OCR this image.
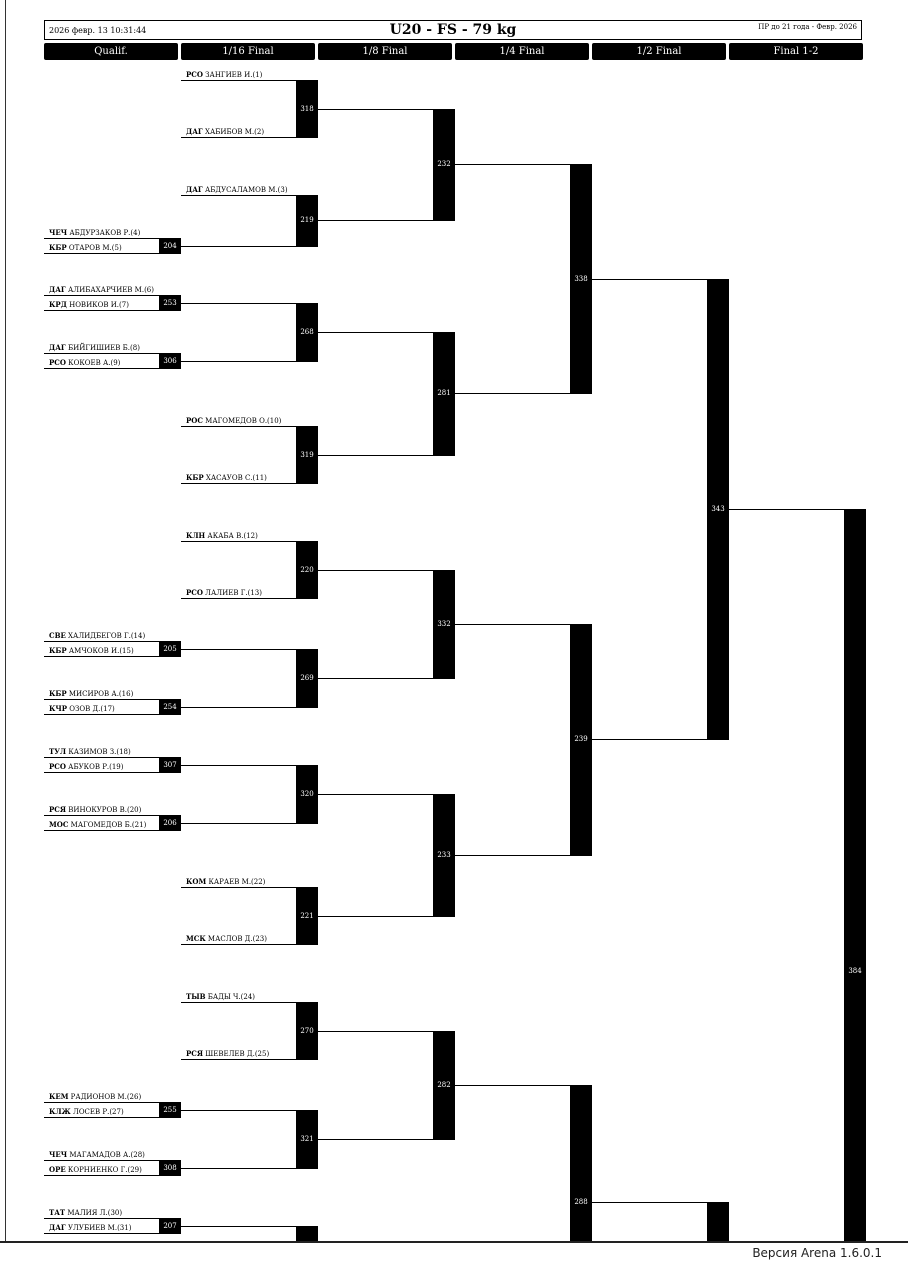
2026 февр. 13 10:31:44	U20 - FS - 79 kg	ПР до 21 года - Февр. 2026
Qualif.	1/16 Final	1/8 Final	1/4 Final	1/2 Final	Final 1-2
РСО ЗАНГИЕВ И.(1)
ДАГ ХАБИБОВ М.(2)
ДАГ АБДУСАЛАМОВ М.(3)
ЧЕЧ АБДУРЗАКОВ Р.(4)
КБР ОТАРОВ М.(5)
ДАГ АЛИБАХАРЧИЕВ М.(6)
КРД НОВИКОВ И.(7)
ДАГ БИЙГИШИЕВ Б.(8)
РСО КОКОЕВ А.(9)
РОС МАГОМЕДОВ О.(10)
КБР ХАСАУОВ С.(11)
КЛН АКАБА В.(12)
РСО ЛАЛИЕВ Г.(13)
СВЕ ХАЛИДБЕГОВ Г.(14)
КБР АМЧОКОВ И.(15)
КБР МИСИРОВ А.(16)
КЧР ОЗОВ Д.(17)
ТУЛ КАЗИМОВ З.(18)
РСО АБУКОВ Р.(19)
РСЯ ВИНОКУРОВ В.(20)
МОС МАГОМЕДОВ Б.(21)
КОМ КАРАЕВ М.(22)
МСК МАСЛОВ Д.(23)
ТЫВ БАДЫ Ч.(24)
РСЯ ШЕВЕЛЕВ Д.(25)
КЕМ РАДИОНОВ М.(26)
КЛЖ ЛОСЕВ Р.(27)
ЧЕЧ МАГАМАДОВ А.(28)
ОРЕ КОРНИЕНКО Г.(29)
ТАТ МАЛИЯ Л.(30)
ДАГ УЛУБИЕВ М.(31)
204
253
306
205
254
307
206
255
308
207
318
219
268
319
220
269
320
221
270
321
232
281
332
233
282
338
239
288
343
384
Версия Arena 1.6.0.1
